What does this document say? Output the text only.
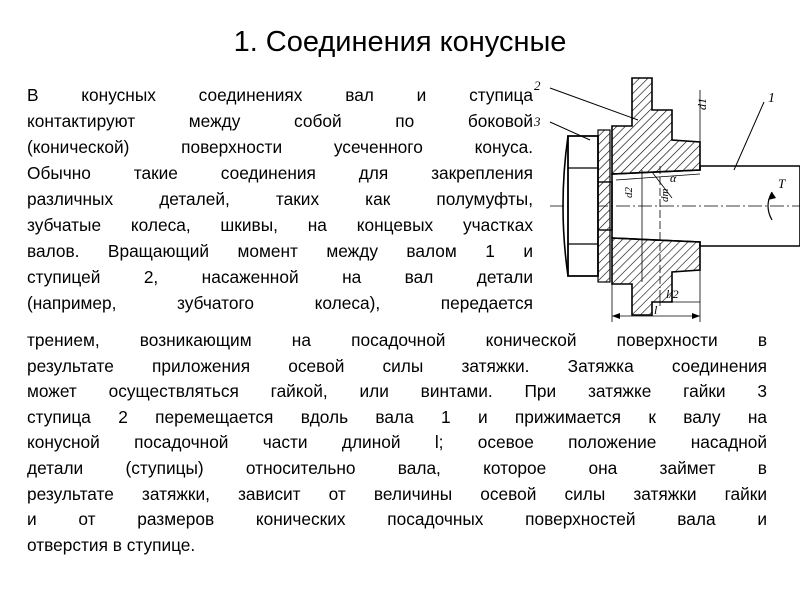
1. Соединения конусные
В конусных соединениях вал и ступица
контактируют между собой по боковой
(конической) поверхности усеченного конуса.
Обычно такие соединения для закрепления
различных деталей, таких как полумуфты,
зубчатые колеса, шкивы, на концевых участках
валов. Вращающий момент между валом 1 и
ступицей 2, насаженной на вал детали
(например, зубчатого колеса), передается
трением, возникающим на посадочной конической поверхности в
результате приложения осевой силы затяжки. Затяжка соединения
может осуществляться гайкой, или винтами. При затяжке гайки 3
ступица 2 перемещается вдоль вала 1 и прижимается к валу на
конусной посадочной части длиной l; осевое положение насадной
детали (ступицы) относительно вала, которое она займет в
результате затяжки, зависит от величины осевой силы затяжки гайки
и от размеров конических посадочных поверхностей вала и
отверстия в ступице.
2
3
1
d1
d2 dm
α	T
l/2
l
